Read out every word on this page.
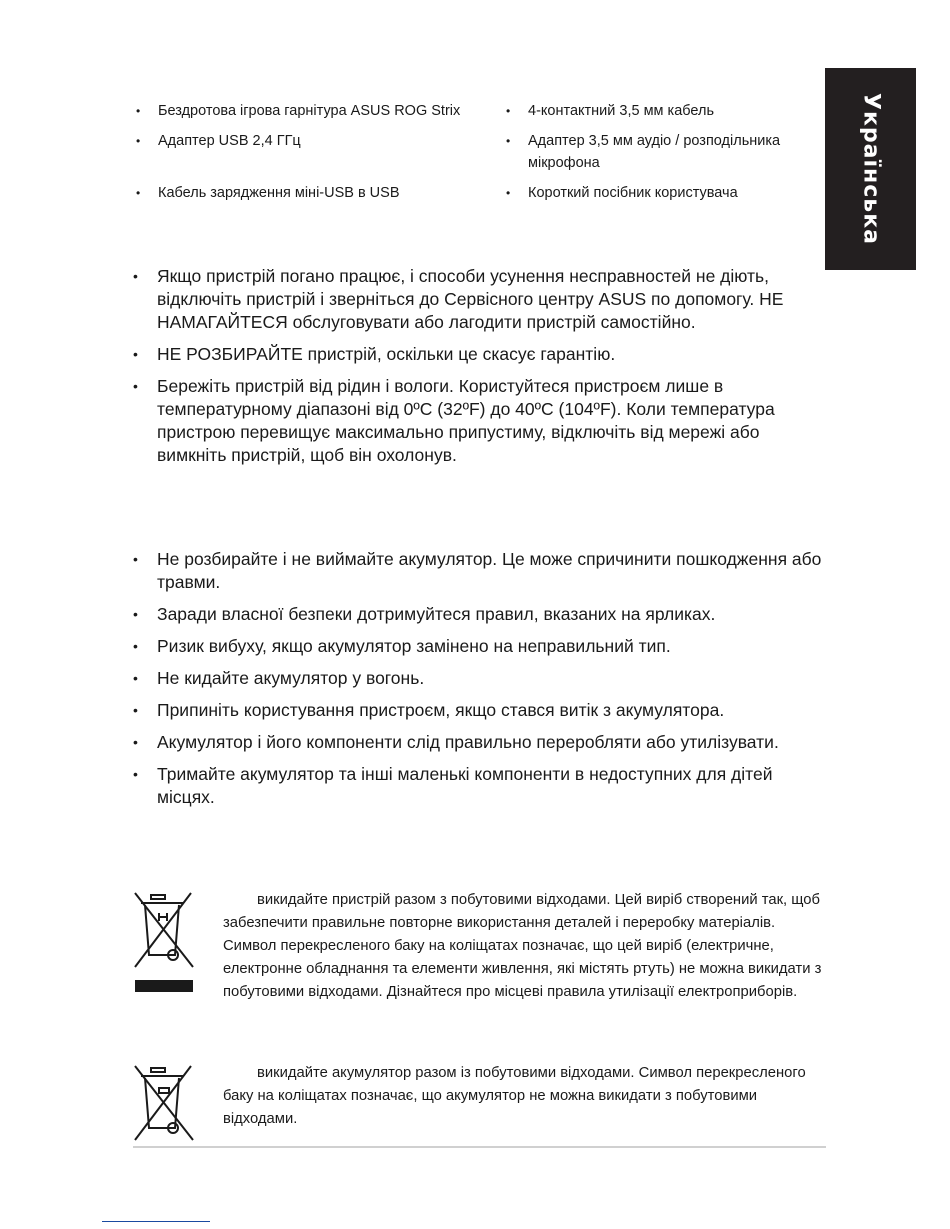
Українська
• Бездротова ігрова гарнітура ASUS ROG Strix	• 4-контактний 3,5 мм кабель
• Адаптер USB 2,4 ГГц	• Адаптер 3,5 мм аудіо / розподільника мікрофона
• Кабель зарядження міні-USB в USB	• Короткий посібник користувача
• Якщо пристрій погано працює, і способи усунення несправностей не діють, відключіть пристрій і зверніться до Сервісного центру ASUS по допомогу. НЕ НАМАГАЙТЕСЯ обслуговувати або лагодити пристрій самостійно.
• НЕ РОЗБИРАЙТЕ пристрій, оскільки це скасує гарантію.
• Бережіть пристрій від рідин і вологи. Користуйтеся пристроєм лише в температурному діапазоні від 0ºC (32ºF) до 40ºC (104ºF). Коли температура пристрою перевищує максимально припустиму, відключіть від мережі або вимкніть пристрій, щоб він охолонув.
• Не розбирайте і не виймайте акумулятор. Це може спричинити пошкодження або травми.
• Заради власної безпеки дотримуйтеся правил, вказаних на ярликах.
• Ризик вибуху, якщо акумулятор замінено на неправильний тип.
• Не кидайте акумулятор у вогонь.
• Припиніть користування пристроєм, якщо стався витік з акумулятора.
• Акумулятор і його компоненти слід правильно переробляти або утилізувати.
• Тримайте акумулятор та інші маленькі компоненти в недоступних для дітей місцях.

викидайте пристрій разом з побутовими відходами. Цей виріб створений так, щоб забезпечити правильне повторне використання деталей і переробку матеріалів. Символ перекресленого баку на коліщатах позначає, що цей виріб (електричне, електронне обладнання та елементи живлення, які містять ртуть) не можна викидати з побутовими відходами. Дізнайтеся про місцеві правила утилізації електроприборів.

викидайте акумулятор разом із побутовими відходами. Символ перекресленого баку на коліщатах позначає, що акумулятор не можна викидати з побутовими відходами.
